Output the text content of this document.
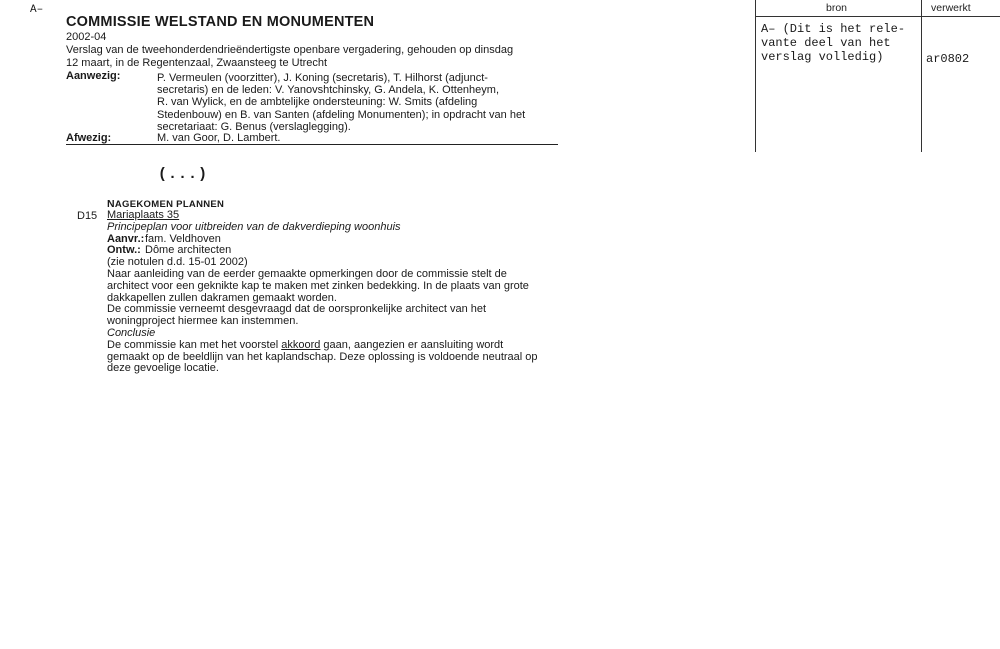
A–
COMMISSIE WELSTAND EN MONUMENTEN
2002-04
Verslag van de tweehonderdendrieëndertigste openbare vergadering, gehouden op dinsdag
12 maart, in de Regentenzaal, Zwaansteeg te Utrecht
Aanwezig:	P. Vermeulen (voorzitter), J. Koning (secretaris), T. Hilhorst (adjunct-
secretaris) en de leden: V. Yanovshtchinsky, G. Andela, K. Ottenheym,
R. van Wylick, en de ambtelijke ondersteuning: W. Smits (afdeling
Stedenbouw) en B. van Santen (afdeling Monumenten); in opdracht van het
secretariaat: G. Benus (verslaglegging).
Afwezig:	M. van Goor, D. Lambert.
(...)
NAGEKOMEN PLANNEN
D15 Mariaplaats 35
Principeplan voor uitbreiden van de dakverdieping woonhuis
Aanvr.:fam. Veldhoven
Ontw.: Dôme architecten
(zie notulen d.d. 15-01 2002)
Naar aanleiding van de eerder gemaakte opmerkingen door de commissie stelt de
architect voor een geknikte kap te maken met zinken bedekking. In de plaats van grote
dakkapellen zullen dakramen gemaakt worden.
De commissie verneemt desgevraagd dat de oorspronkelijke architect van het
woningproject hiermee kan instemmen.
Conclusie
De commissie kan met het voorstel akkoord gaan, aangezien er aansluiting wordt
gemaakt op de beeldlijn van het kaplandschap. Deze oplossing is voldoende neutraal op
deze gevoelige locatie.
bron	verwerkt
A– (Dit is het rele-
vante deel van het
verslag volledig)	ar0802
